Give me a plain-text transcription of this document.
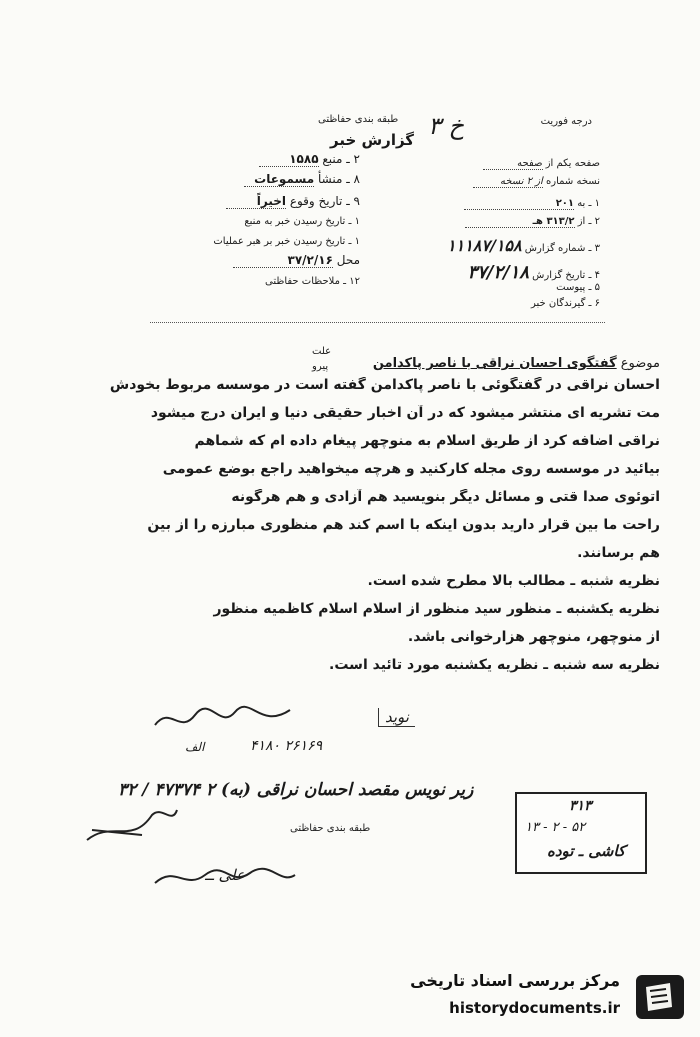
درجه فوریت
طبقه بندی حفاظتی
گزارش خبر ۳ خ
۲ ـ منبع ۱۵۸۵
۸ ـ منشأ مسموعات
۹ ـ تاریخ وقوع اخیراً
۱ ـ تاریخ رسیدن خبر به منبع
۱ ـ تاریخ رسیدن خبر بر هبر عملیات
محل ۳۷/۲/۱۶
۱۲ ـ ملاحظات حفاظتی
صفحه یکم از صفحه
نسخه شماره از ۲ نسخه
۱ ـ به ۲۰۱
۲ ـ از ۳۱۳/۲ هـ
۳ ـ شماره گزارش ۱۱۱۸۷/۱۵۸
۴ ـ تاریخ گزارش ۳۷/۲/۱۸
۵ ـ پیوست
۶ ـ گیرندگان خبر
علت
پیرو	موضوع گفتگوی احسان نراقی با ناصر پاکدامن
احسان نراقی در گفتگوئی با ناصر پاکدامن گفته است در موسسه مربوط بخودش
مت تشریه ای منتشر میشود که در آن اخبار حقیقی دنیا و ایران درج میشود
نراقی اضافه کرد از طریق اسلام به منوچهر پیغام داده ام که شماهم
بیائید در موسسه روی مجله کارکنید و هرچه میخواهید راجع بوضع عمومی
اتوئوی صدا قتی و مسائل دیگر بنویسید هم آزادی و هم هرگونه
راحت ما بین قرار دارید بدون اینکه با اسم کند هم منظوری مبارزه را از بین
هم برسانند.
نظریه شنبه ـ مطالب بالا مطرح شده است.
نظریه یکشنبه ـ منظور سید منظور از اسلام اسلام کاظمیه منظور
از منوچهر، منوچهر هزارخوانی باشد.
نظریه سه شنبه ـ نظریه یکشنبه مورد تائید است.
نوید
۲۶۱۶۹ ۴۱۸۰
الف
زیر نویس مقصد احسان نراقی (به) ۲ ۴۷۳۷۴ / ۳۲
طبقه بندی حفاظتی
علی ــ
۳۱۳
۱۳ - ۲ - ۵۲
کاشی ـ توده
مرکز بررسی اسناد تاریخی
historydocuments.ir
